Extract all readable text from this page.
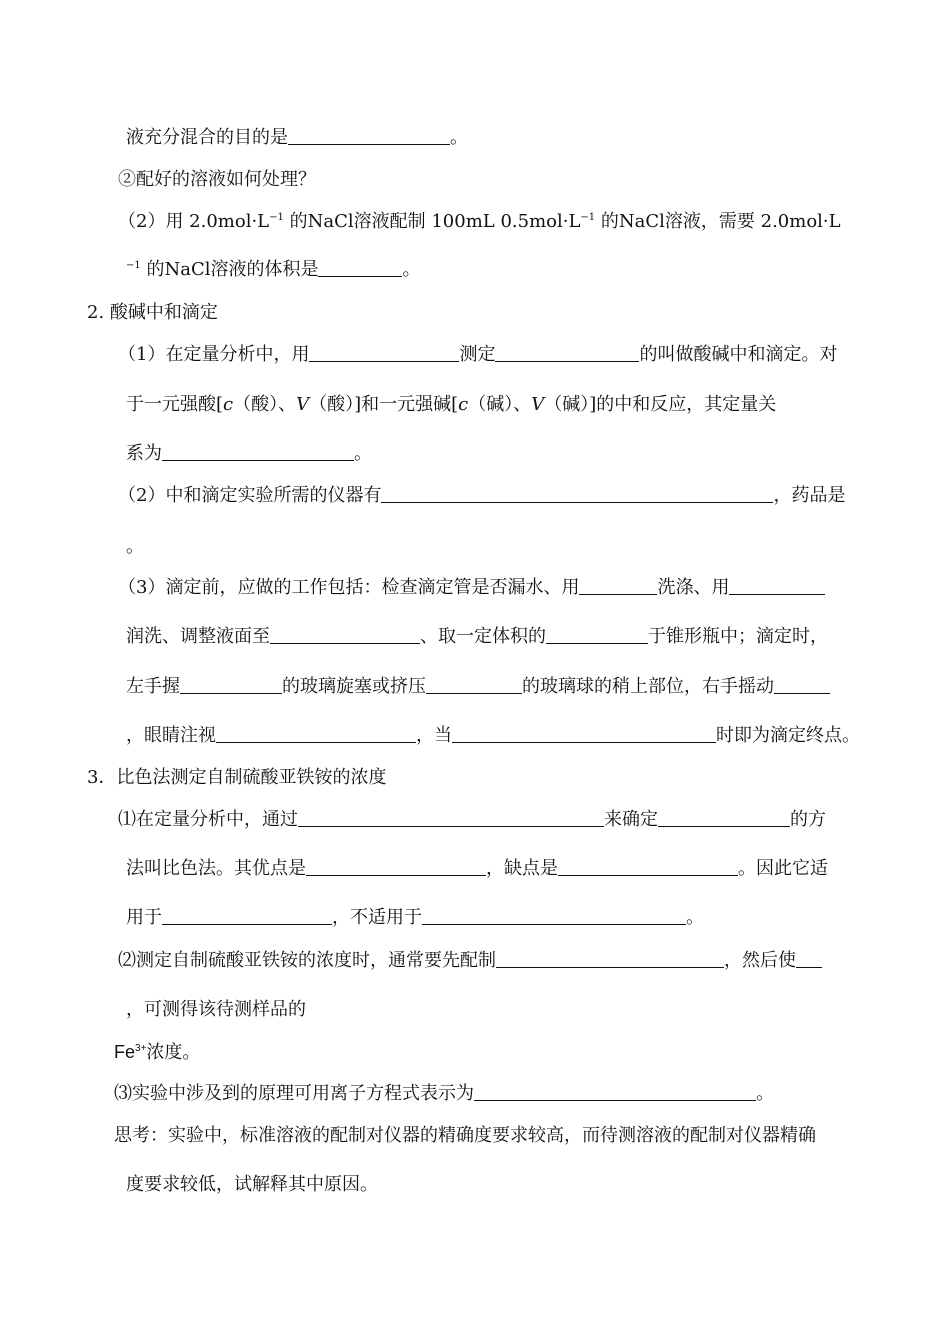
液充分混合的目的是	。
②配好的溶液如何处理？
（2）用 $2.0mol\cdot L^{-1}$ 的NaCl溶液配制 100mL $0.5mol\cdot L^{-1}$ 的NaCl溶液，需要 2.0mol·L
$^{-1}$ 的NaCl溶液的体积是	。
2. 酸碱中和滴定
（1）在定量分析中，用	测定	的叫做酸碱中和滴定。对
于一元强酸[c（酸）、V（酸）]和一元强碱[c（碱）、V（碱）]的中和反应，其定量关
系为	。
（2）中和滴定实验所需的仪器有	，药品是
。
（3）滴定前，应做的工作包括：检查滴定管是否漏水、用	洗涤、用
润洗、调整液面至	、取一定体积的	于锥形瓶中；滴定时，
左手握	的玻璃旋塞或挤压	的玻璃球的稍上部位，右手摇动
，眼睛注视	，当	时即为滴定终点。
3．比色法测定自制硫酸亚铁铵的浓度
⑴在定量分析中，通过	来确定	的方
法叫比色法。其优点是	，缺点是	。因此它适
用于	，不适用于	。
⑵测定自制硫酸亚铁铵的浓度时，通常要先配制	，然后使
，可测得该待测样品的
$Fe^{3+}$浓度。
⑶实验中涉及到的原理可用离子方程式表示为	。
思考：实验中，标准溶液的配制对仪器的精确度要求较高，而待测溶液的配制对仪器精确
度要求较低，试解释其中原因。
